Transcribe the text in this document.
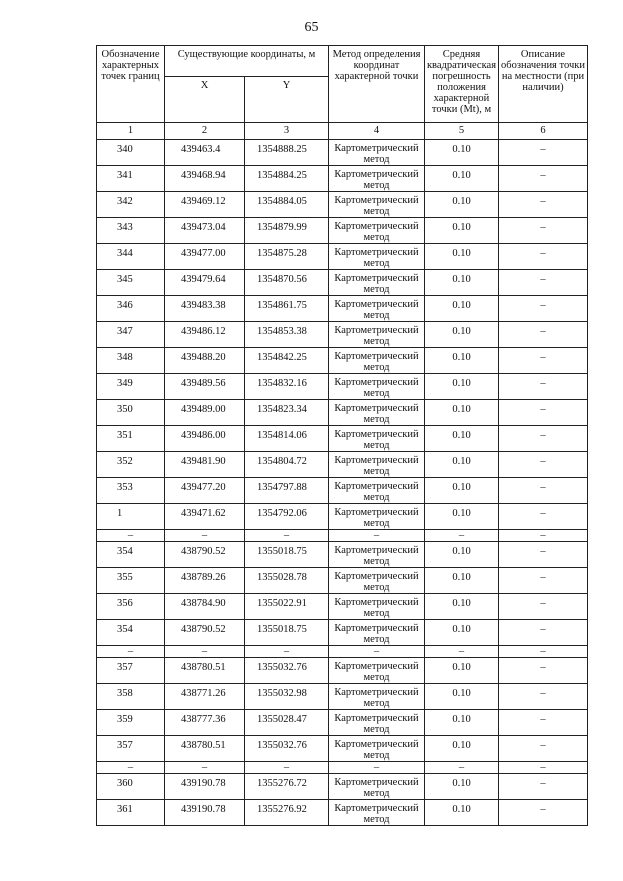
65
Обозначение характерных точек границ	Существующие координаты, м		Метод определения координат характерной точки	Средняя квадратическая погрешность положения характерной точки (Mt), м	Описание обозначения точки на местности (при наличии)
	X	Y			
1	2	3	4	5	6
340	439463.4	1354888.25	Картометрический метод	0.10	–
341	439468.94	1354884.25	Картометрический метод	0.10	–
342	439469.12	1354884.05	Картометрический метод	0.10	–
343	439473.04	1354879.99	Картометрический метод	0.10	–
344	439477.00	1354875.28	Картометрический метод	0.10	–
345	439479.64	1354870.56	Картометрический метод	0.10	–
346	439483.38	1354861.75	Картометрический метод	0.10	–
347	439486.12	1354853.38	Картометрический метод	0.10	–
348	439488.20	1354842.25	Картометрический метод	0.10	–
349	439489.56	1354832.16	Картометрический метод	0.10	–
350	439489.00	1354823.34	Картометрический метод	0.10	–
351	439486.00	1354814.06	Картометрический метод	0.10	–
352	439481.90	1354804.72	Картометрический метод	0.10	–
353	439477.20	1354797.88	Картометрический метод	0.10	–
1	439471.62	1354792.06	Картометрический метод	0.10	–
–	–	–	–	–	–
354	438790.52	1355018.75	Картометрический метод	0.10	–
355	438789.26	1355028.78	Картометрический метод	0.10	–
356	438784.90	1355022.91	Картометрический метод	0.10	–
354	438790.52	1355018.75	Картометрический метод	0.10	–
–	–	–	–	–	–
357	438780.51	1355032.76	Картометрический метод	0.10	–
358	438771.26	1355032.98	Картометрический метод	0.10	–
359	438777.36	1355028.47	Картометрический метод	0.10	–
357	438780.51	1355032.76	Картометрический метод	0.10	–
–	–	–	–	–	–
360	439190.78	1355276.72	Картометрический метод	0.10	–
361	439190.78	1355276.92	Картометрический метод	0.10	–
